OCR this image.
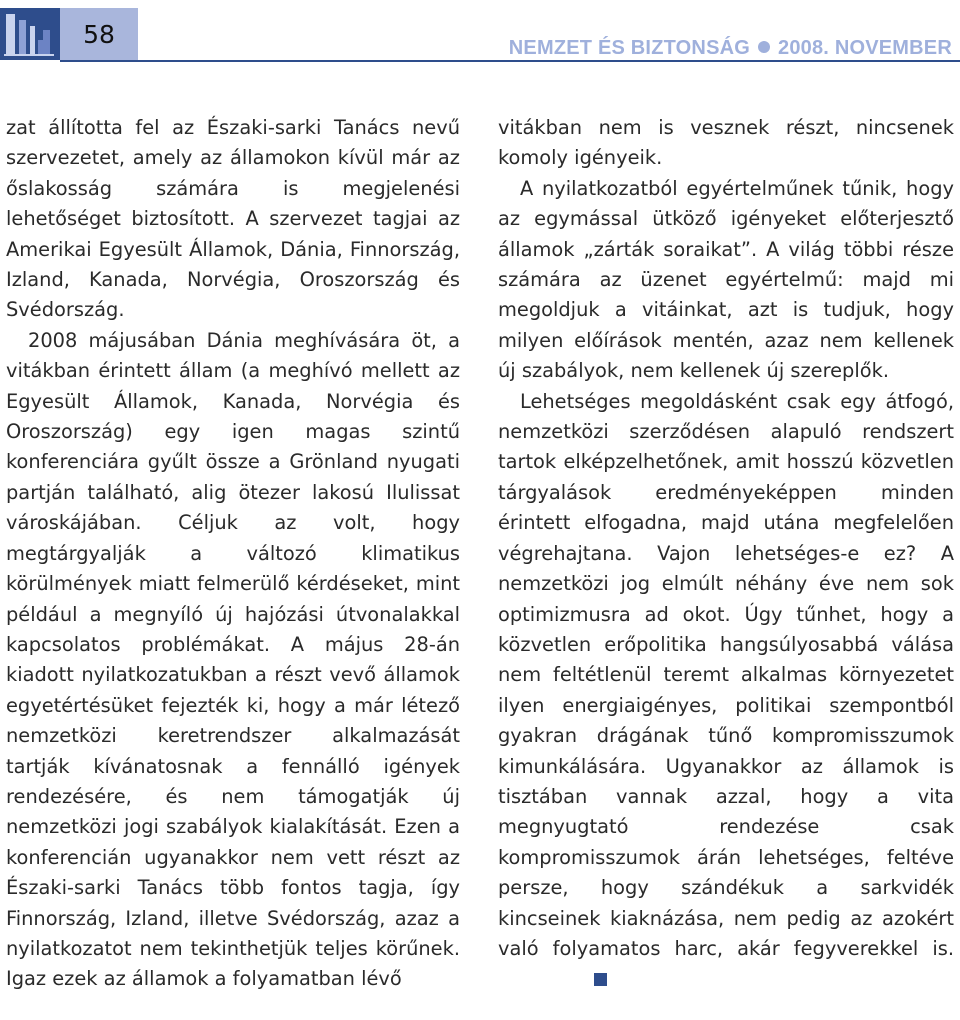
58	NEMZET ÉS BIZTONSÁG 2008. NOVEMBER

zat állította fel az Északi-sarki Tanács nevű szervezetet, amely az államokon kívül már az őslakosság számára is megjelenési lehetőséget biztosított. A szervezet tagjai az Amerikai Egyesült Államok, Dánia, Finnország, Izland, Kanada, Norvégia, Oroszország és Svédország.

2008 májusában Dánia meghívására öt, a vitákban érintett állam (a meghívó mellett az Egyesült Államok, Kanada, Norvégia és Oroszország) egy igen magas szintű konferenciára gyűlt össze a Grönland nyugati partján található, alig ötezer lakosú Ilulissat városkájában. Céljuk az volt, hogy megtárgyalják a változó klimatikus körülmények miatt felmerülő kérdéseket, mint például a megnyíló új hajózási útvonalakkal kapcsolatos problémákat. A május 28-án kiadott nyilatkozatukban a részt vevő államok egyetértésüket fejezték ki, hogy a már létező nemzetközi keretrendszer alkalmazását tartják kívánatosnak a fennálló igények rendezésére, és nem támogatják új nemzetközi jogi szabályok kialakítását. Ezen a konferencián ugyanakkor nem vett részt az Északi-sarki Tanács több fontos tagja, így Finnország, Izland, illetve Svédország, azaz a nyilatkozatot nem tekinthetjük teljes körűnek. Igaz ezek az államok a folyamatban lévő

vitákban nem is vesznek részt, nincsenek komoly igényeik.

A nyilatkozatból egyértelműnek tűnik, hogy az egymással ütköző igényeket előterjesztő államok „zárták soraikat”. A világ többi része számára az üzenet egyértelmű: majd mi megoldjuk a vitáinkat, azt is tudjuk, hogy milyen előírások mentén, azaz nem kellenek új szabályok, nem kellenek új szereplők.

Lehetséges megoldásként csak egy átfogó, nemzetközi szerződésen alapuló rendszert tartok elképzelhetőnek, amit hosszú közvetlen tárgyalások eredményeképpen minden érintett elfogadna, majd utána megfelelően végrehajtana. Vajon lehetséges-e ez? A nemzetközi jog elmúlt néhány éve nem sok optimizmusra ad okot. Úgy tűnhet, hogy a közvetlen erőpolitika hangsúlyosabbá válása nem feltétlenül teremt alkalmas környezetet ilyen energiaigényes, politikai szempontból gyakran drágának tűnő kompromisszumok kimunkálására. Ugyanakkor az államok is tisztában vannak azzal, hogy a vita megnyugtató rendezése csak kompromisszumok árán lehetséges, feltéve persze, hogy szándékuk a sarkvidék kincseinek kiaknázása, nem pedig az azokért való folyamatos harc, akár fegyverekkel is.
